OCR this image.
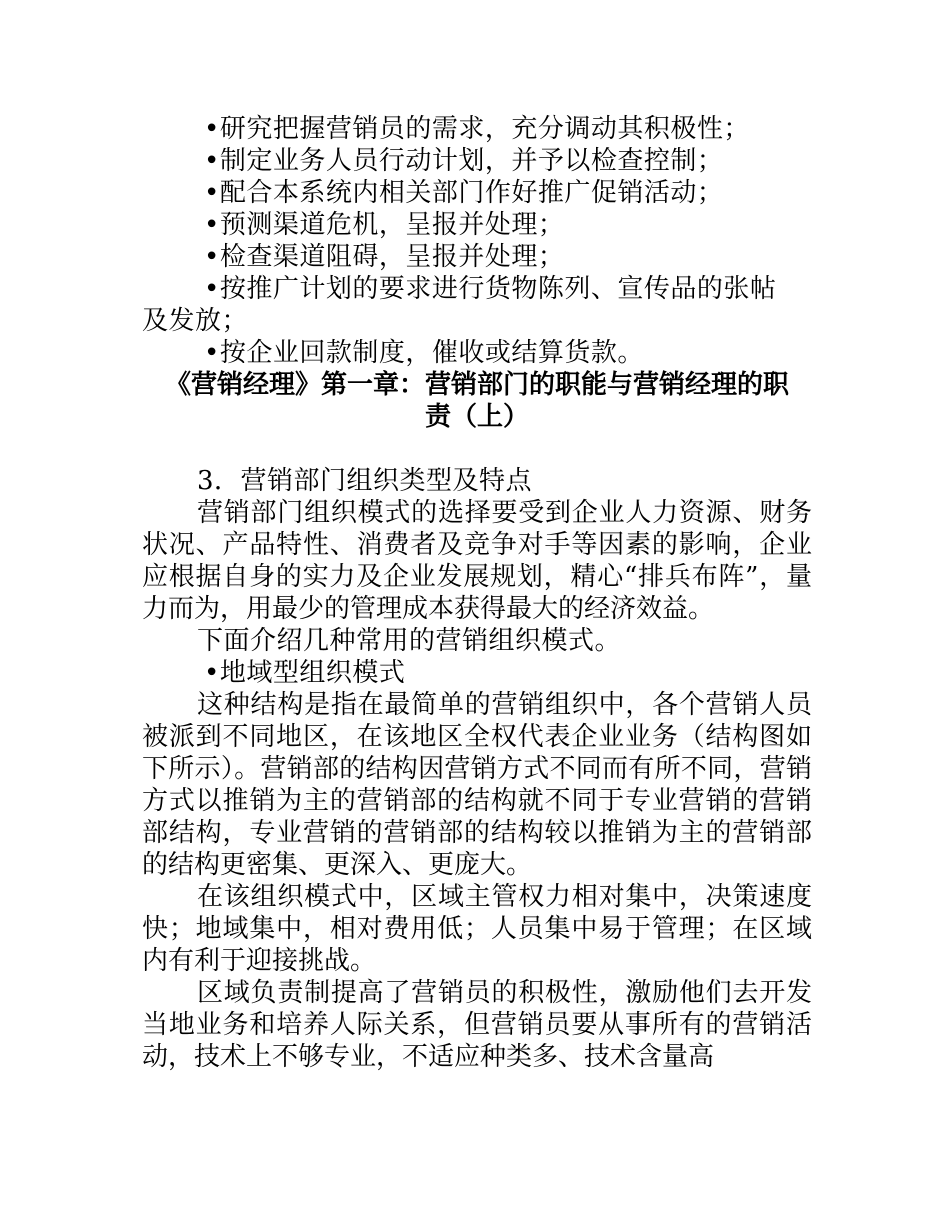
•研究把握营销员的需求，充分调动其积极性；
•制定业务人员行动计划，并予以检查控制；
•配合本系统内相关部门作好推广促销活动；
•预测渠道危机，呈报并处理；
•检查渠道阻碍，呈报并处理；
•按推广计划的要求进行货物陈列、宣传品的张帖
及发放；
•按企业回款制度，催收或结算货款。
《营销经理》第一章：营销部门的职能与营销经理的职
责（上）
3．营销部门组织类型及特点
营销部门组织模式的选择要受到企业人力资源、财务状况、产品特性、消费者及竞争对手等因素的影响，企业应根据自身的实力及企业发展规划，精心“排兵布阵”，量力而为，用最少的管理成本获得最大的经济效益。
下面介绍几种常用的营销组织模式。
•地域型组织模式
这种结构是指在最简单的营销组织中，各个营销人员被派到不同地区，在该地区全权代表企业业务（结构图如下所示）。营销部的结构因营销方式不同而有所不同，营销方式以推销为主的营销部的结构就不同于专业营销的营销部结构，专业营销的营销部的结构较以推销为主的营销部的结构更密集、更深入、更庞大。
在该组织模式中，区域主管权力相对集中，决策速度快；地域集中，相对费用低；人员集中易于管理；在区域内有利于迎接挑战。
区域负责制提高了营销员的积极性，激励他们去开发当地业务和培养人际关系，但营销员要从事所有的营销活动，技术上不够专业，不适应种类多、技术含量高
